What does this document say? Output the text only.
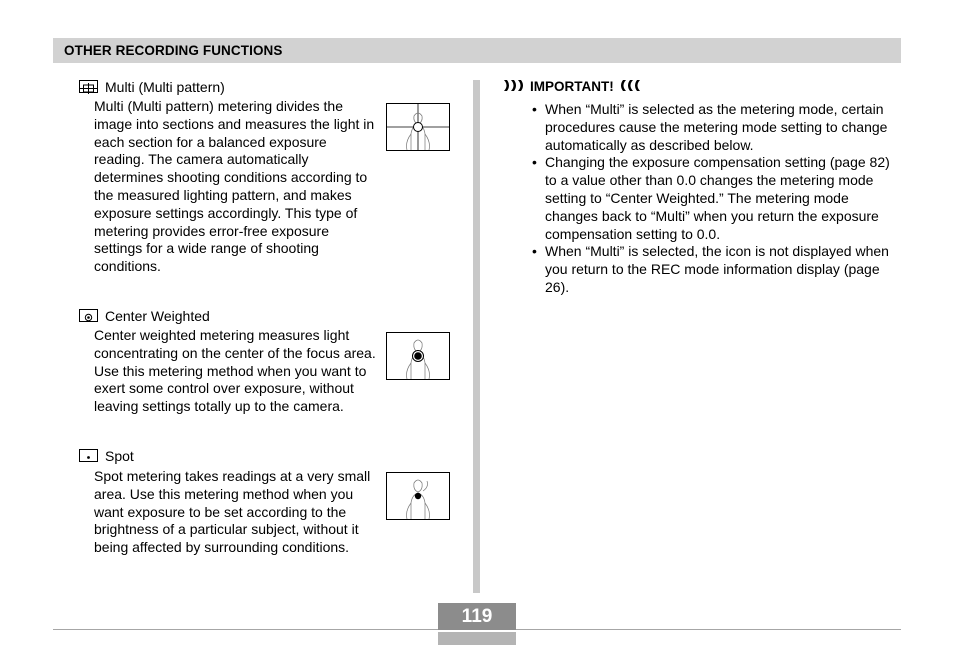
OTHER RECORDING FUNCTIONS
Multi (Multi pattern)
Multi (Multi pattern) metering divides the image into sections and measures the light in each section for a balanced exposure reading. The camera automatically determines shooting conditions according to the measured lighting pattern, and makes exposure settings accordingly. This type of metering provides error-free exposure settings for a wide range of shooting conditions.
Center Weighted
Center weighted metering measures light concentrating on the center of the focus area. Use this metering method when you want to exert some control over exposure, without leaving settings totally up to the camera.
Spot
Spot metering takes readings at a very small area. Use this metering method when you want exposure to be set according to the brightness of a particular subject, without it being affected by surrounding conditions.
IMPORTANT!
• When “Multi” is selected as the metering mode, certain procedures cause the metering mode setting to change automatically as described below.
• Changing the exposure compensation setting (page 82) to a value other than 0.0 changes the metering mode setting to “Center Weighted.” The metering mode changes back to “Multi” when you return the exposure compensation setting to 0.0.
• When “Multi” is selected, the icon is not displayed when you return to the REC mode information display (page 26).
119
